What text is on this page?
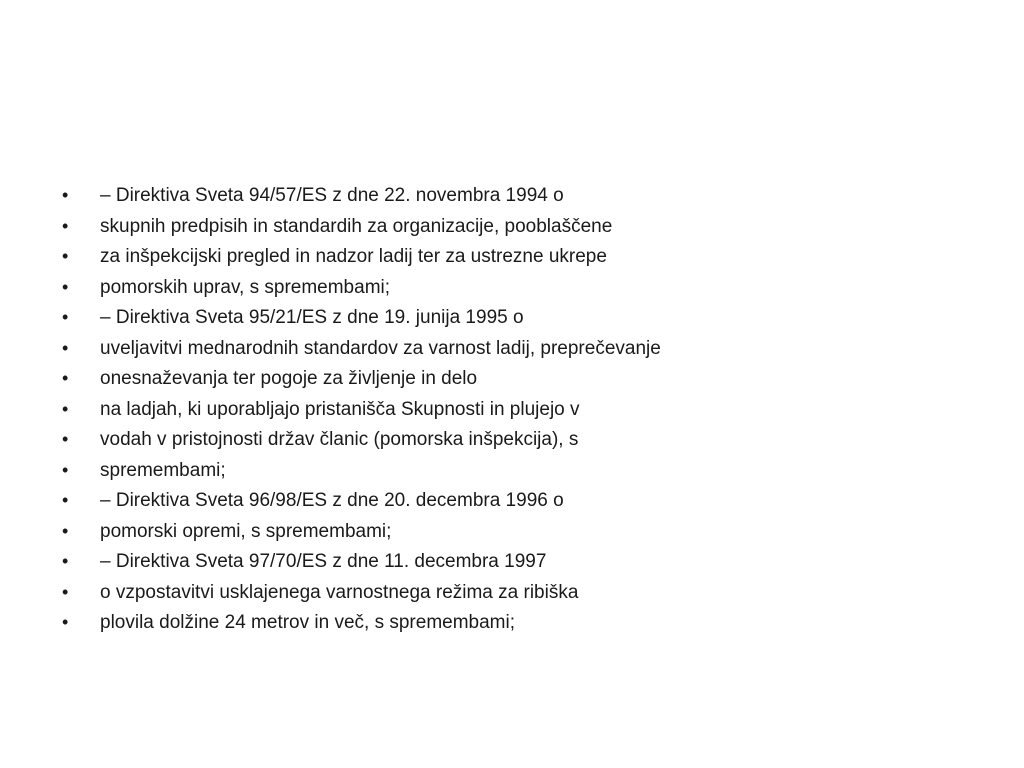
•	– Direktiva Sveta 94/57/ES z dne 22. novembra 1994 o
•	skupnih predpisih in standardih za organizacije, pooblaščene
•	za inšpekcijski pregled in nadzor ladij ter za ustrezne ukrepe
•	pomorskih uprav, s spremembami;
•	– Direktiva Sveta 95/21/ES z dne 19. junija 1995 o
•	uveljavitvi mednarodnih standardov za varnost ladij, preprečevanje
•	onesnaževanja ter pogoje za življenje in delo
•	na ladjah, ki uporabljajo pristanišča Skupnosti in plujejo v
•	vodah v pristojnosti držav članic (pomorska inšpekcija), s
•	spremembami;
•	– Direktiva Sveta 96/98/ES z dne 20. decembra 1996 o
•	pomorski opremi, s spremembami;
•	– Direktiva Sveta 97/70/ES z dne 11. decembra 1997
•	o vzpostavitvi usklajenega varnostnega režima za ribiška
•	plovila dolžine 24 metrov in več, s spremembami;
